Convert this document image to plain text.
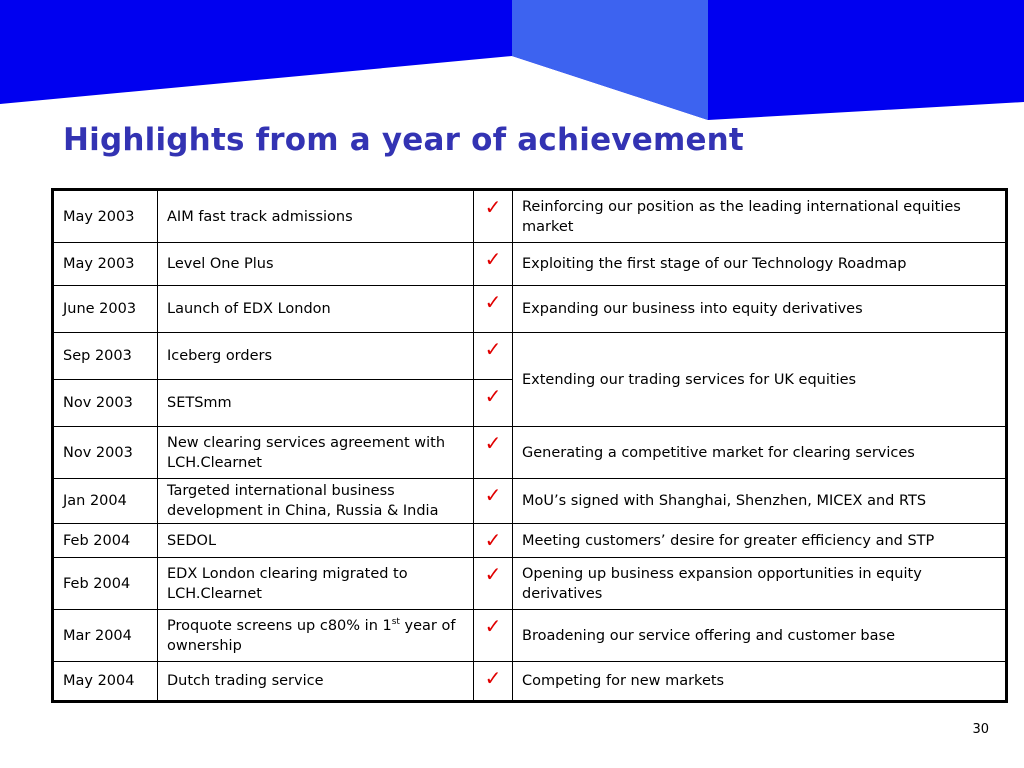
Highlights from a year of achievement
May 2003	AIM fast track admissions	✓	Reinforcing our position as the leading international equities market
May 2003	Level One Plus	✓	Exploiting the first stage of our Technology Roadmap
June 2003	Launch of EDX London	✓	Expanding our business into equity derivatives
Sep 2003	Iceberg orders	✓	Extending our trading services for UK equities
Nov 2003	SETSmm	✓	
Nov 2003	New clearing services agreement with LCH.Clearnet	✓	Generating a competitive market for clearing services
Jan 2004	Targeted international business development in China, Russia & India	✓	MoU’s signed with Shanghai, Shenzhen, MICEX and RTS
Feb 2004	SEDOL	✓	Meeting customers’ desire for greater efficiency and STP
Feb 2004	EDX London clearing migrated to LCH.Clearnet	✓	Opening up business expansion opportunities in equity derivatives
Mar 2004	Proquote screens up c80% in 1st year of ownership	✓	Broadening our service offering and customer base
May 2004	Dutch trading service	✓	Competing for new markets
30
